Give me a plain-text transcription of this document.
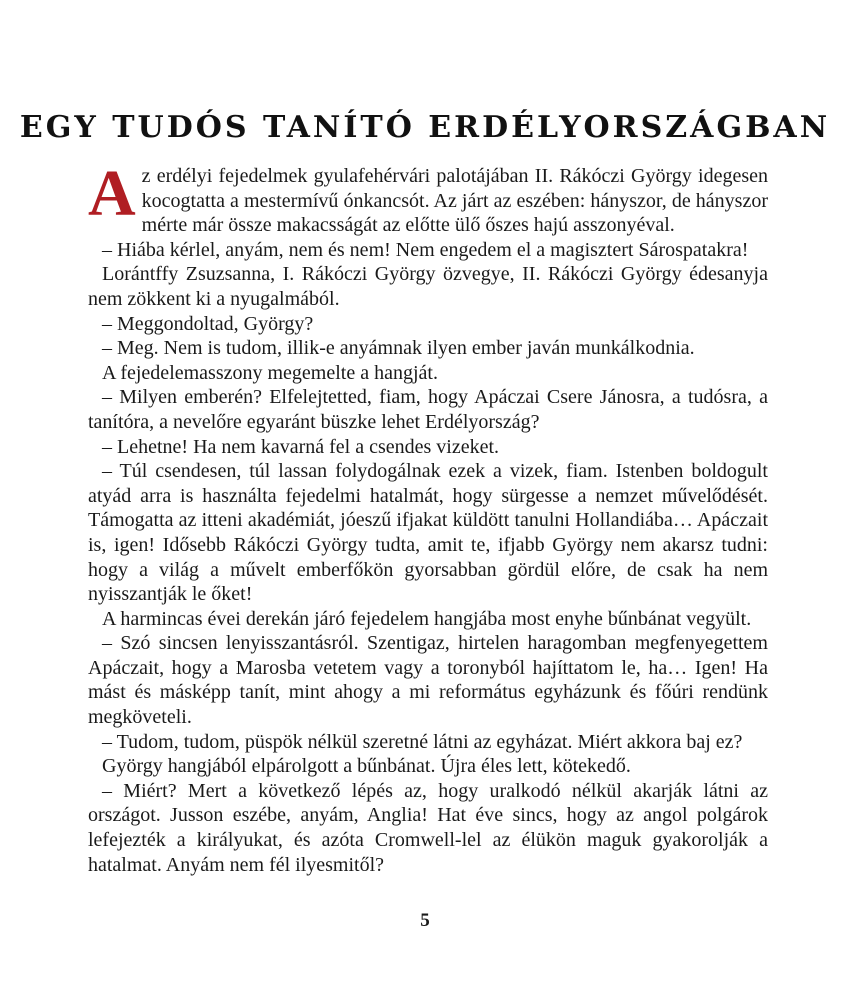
EGY TUDÓS TANÍTÓ ERDÉLYORSZÁGBAN

Az erdélyi fejedelmek gyulafehérvári palotájában II. Rákóczi György idegesen kocogtatta a mestermívű ónkancsót. Az járt az eszében: hányszor, de hányszor mérte már össze makacsságát az előtte ülő őszes hajú asszonyéval.

– Hiába kérlel, anyám, nem és nem! Nem engedem el a magisztert Sárospatakra!

Lorántffy Zsuzsanna, I. Rákóczi György özvegye, II. Rákóczi György édesanyja nem zökkent ki a nyugalmából.

– Meggondoltad, György?

– Meg. Nem is tudom, illik-e anyámnak ilyen ember javán munkálkodnia.

A fejedelemasszony megemelte a hangját.

– Milyen emberén? Elfelejtetted, fiam, hogy Apáczai Csere Jánosra, a tudósra, a tanítóra, a nevelőre egyaránt büszke lehet Erdélyország?

– Lehetne! Ha nem kavarná fel a csendes vizeket.

– Túl csendesen, túl lassan folydogálnak ezek a vizek, fiam. Istenben boldogult atyád arra is használta fejedelmi hatalmát, hogy sürgesse a nemzet művelődését. Támogatta az itteni akadémiát, jóeszű ifjakat küldött tanulni Hollandiába… Apáczait is, igen! Idősebb Rákóczi György tudta, amit te, ifjabb György nem akarsz tudni: hogy a világ a művelt emberfőkön gyorsabban gördül előre, de csak ha nem nyisszantják le őket!

A harmincas évei derekán járó fejedelem hangjába most enyhe bűnbánat vegyült.

– Szó sincsen lenyisszantásról. Szentigaz, hirtelen haragomban megfenyegettem Apáczait, hogy a Marosba vetetem vagy a toronyból hajíttatom le, ha… Igen! Ha mást és másképp tanít, mint ahogy a mi református egyházunk és főúri rendünk megköveteli.

– Tudom, tudom, püspök nélkül szeretné látni az egyházat. Miért akkora baj ez?

György hangjából elpárolgott a bűnbánat. Újra éles lett, kötekedő.

– Miért? Mert a következő lépés az, hogy uralkodó nélkül akarják látni az országot. Jusson eszébe, anyám, Anglia! Hat éve sincs, hogy az angol polgárok lefejezték a királyukat, és azóta Cromwell-lel az élükön maguk gyakorolják a hatalmat. Anyám nem fél ilyesmitől?

5
